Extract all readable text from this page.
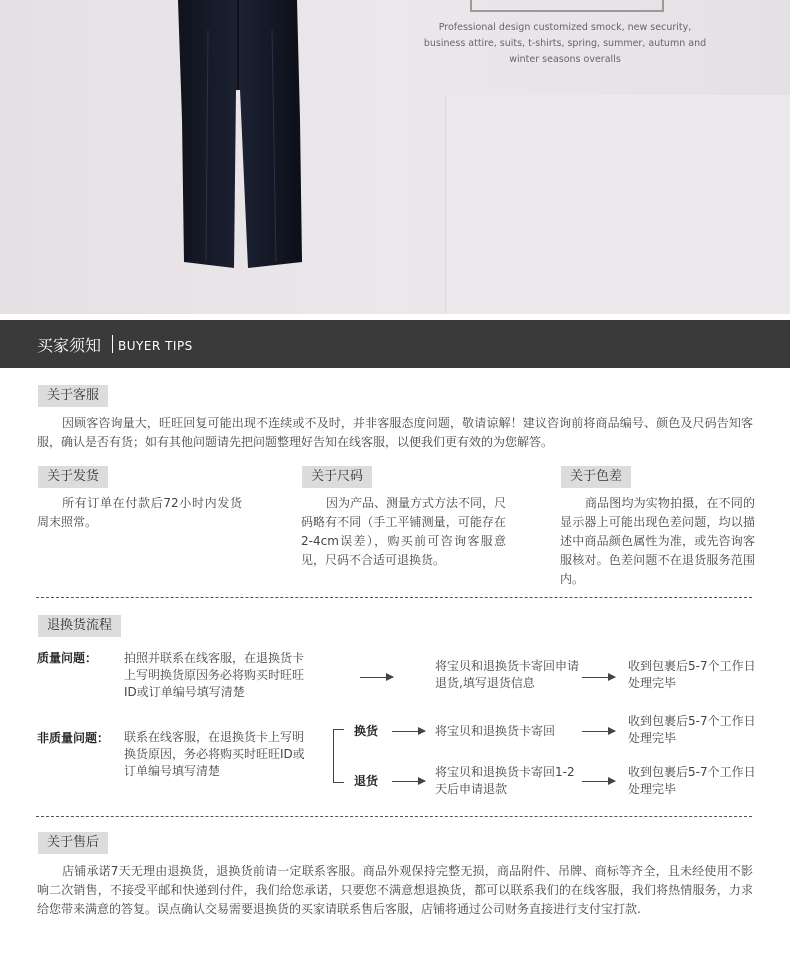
Professional design customized smock, new security, business attire, suits, t-shirts, spring, summer, autumn and winter seasons overalls
买家须知 BUYER TIPS
关于客服
因顾客咨询量大，旺旺回复可能出现不连续或不及时，并非客服态度问题，敬请谅解！建议咨询前将商品编号、颜色及尺码告知客服，确认是否有货；如有其他问题请先把问题整理好告知在线客服，以便我们更有效的为您解答。
关于发货
所有订单在付款后72小时内发货周末照常。
关于尺码
因为产品、测量方式方法不同，尺码略有不同（手工平铺测量，可能存在2-4cm误差），购买前可咨询客服意见，尺码不合适可退换货。
关于色差
商品图均为实物拍摄，在不同的显示器上可能出现色差问题，均以描述中商品颜色属性为准，或先咨询客服核对。色差问题不在退货服务范围内。
退换货流程
质量问题： 拍照并联系在线客服，在退换货卡上写明换货原因务必将购买时旺旺ID或订单编号填写清楚
将宝贝和退换货卡寄回申请退货,填写退货信息
收到包裹后5-7个工作日处理完毕
非质量问题： 联系在线客服，在退换货卡上写明换货原因，务必将购买时旺旺ID或订单编号填写清楚
换货	将宝贝和退换货卡寄回
收到包裹后5-7个工作日处理完毕
退货
将宝贝和退换货卡寄回1-2天后申请退款
收到包裹后5-7个工作日处理完毕
关于售后
店铺承诺7天无理由退换货，退换货前请一定联系客服。商品外观保持完整无损，商品附件、吊牌、商标等齐全，且未经使用不影响二次销售，不接受平邮和快递到付件，我们给您承诺，只要您不满意想退换货，都可以联系我们的在线客服，我们将热情服务，力求给您带来满意的答复。误点确认交易需要退换货的买家请联系售后客服，店铺将通过公司财务直接进行支付宝打款.
